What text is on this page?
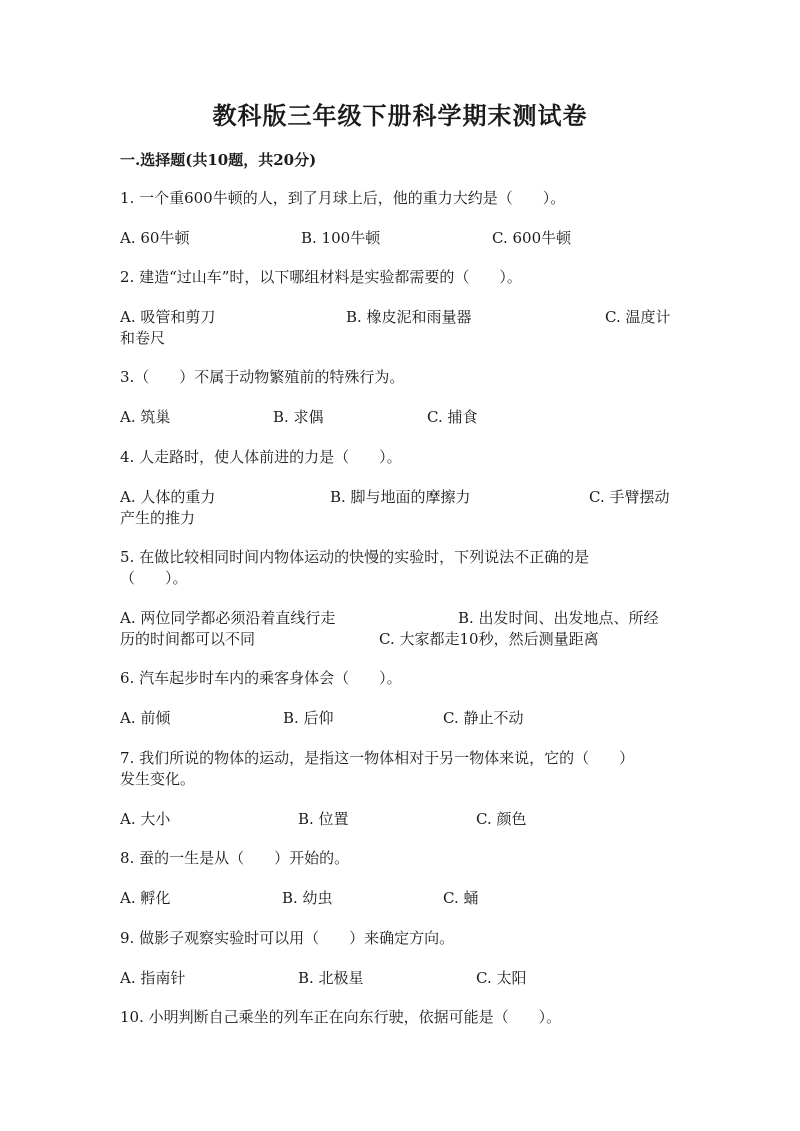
教科版三年级下册科学期末测试卷
一.选择题(共10题，共20分)
1. 一个重600牛顿的人，到了月球上后，他的重力大约是（　　）。
A. 60牛顿	B. 100牛顿	C. 600牛顿
2. 建造“过山车”时，以下哪组材料是实验都需要的（　　）。
A. 吸管和剪刀	B. 橡皮泥和雨量器	C. 温度计
和卷尺
3.（　　）不属于动物繁殖前的特殊行为。
A. 筑巢	B. 求偶	C. 捕食
4. 人走路时，使人体前进的力是（　　）。
A. 人体的重力	B. 脚与地面的摩擦力	C. 手臂摆动
产生的推力
5. 在做比较相同时间内物体运动的快慢的实验时，下列说法不正确的是
（　　）。
A. 两位同学都必须沿着直线行走	B. 出发时间、出发地点、所经
历的时间都可以不同	C. 大家都走10秒，然后测量距离
6. 汽车起步时车内的乘客身体会（　　）。
A. 前倾	B. 后仰	C. 静止不动
7. 我们所说的物体的运动，是指这一物体相对于另一物体来说，它的（　　）
发生变化。
A. 大小	B. 位置	C. 颜色
8. 蚕的一生是从（　　）开始的。
A. 孵化	B. 幼虫	C. 蛹
9. 做影子观察实验时可以用（　　）来确定方向。
A. 指南针	B. 北极星	C. 太阳
10. 小明判断自己乘坐的列车正在向东行驶，依据可能是（　　）。
